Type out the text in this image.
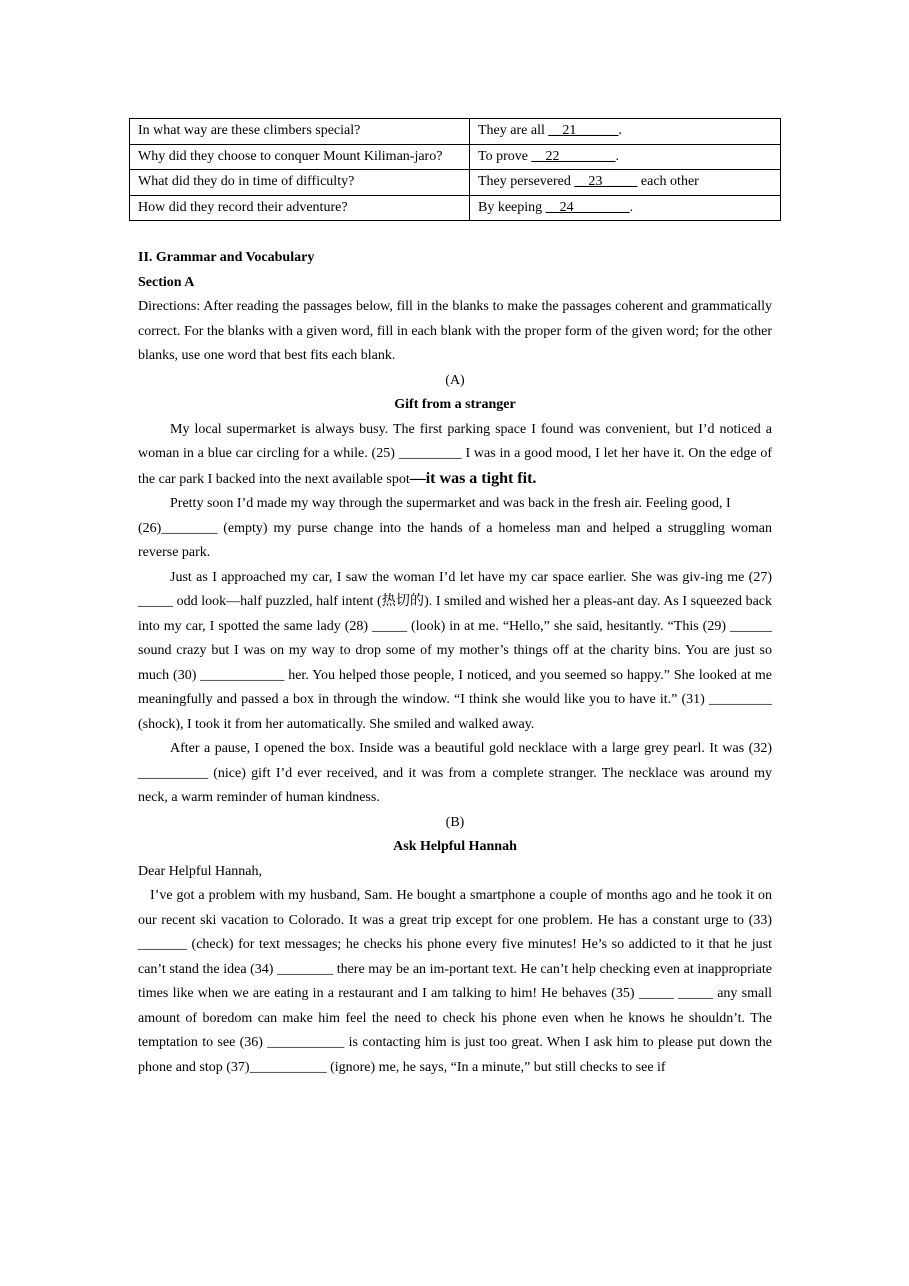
In what way are these climbers special?	They are all __21______.
Why did they choose to conquer Mount Kiliman-jaro?	To prove __22________.
What did they do in time of difficulty?	They persevered __23_____ each other
How did they record their adventure?	By keeping __24________.

II. Grammar and Vocabulary

Section A

Directions: After reading the passages below, fill in the blanks to make the passages coherent and grammatically correct. For the blanks with a given word, fill in each blank with the proper form of the given word; for the other blanks, use one word that best fits each blank.

(A)

Gift from a stranger

My local supermarket is always busy. The first parking space I found was convenient, but I’d noticed a woman in a blue car circling for a while. (25) _________ I was in a good mood, I let her have it. On the edge of the car park I backed into the next available spot—it was a tight fit.

Pretty soon I’d made my way through the supermarket and was back in the fresh air. Feeling good, I

(26)________ (empty) my purse change into the hands of a homeless man and helped a struggling woman reverse park.

Just as I approached my car, I saw the woman I’d let have my car space earlier. She was giv-ing me (27) _____ odd look—half puzzled, half intent (热切的). I smiled and wished her a pleas-ant day. As I squeezed back into my car, I spotted the same lady (28) _____ (look) in at me. “Hello,” she said, hesitantly. “This (29) ______ sound crazy but I was on my way to drop some of my mother’s things off at the charity bins. You are just so much (30) ____________ her. You helped those people, I noticed, and you seemed so happy.” She looked at me meaningfully and passed a box in through the window. “I think she would like you to have it.” (31) _________ (shock), I took it from her automatically. She smiled and walked away.

After a pause, I opened the box. Inside was a beautiful gold necklace with a large grey pearl. It was (32) __________ (nice) gift I’d ever received, and it was from a complete stranger. The necklace was around my neck, a warm reminder of human kindness.

(B)

Ask Helpful Hannah

Dear Helpful Hannah,

I’ve got a problem with my husband, Sam. He bought a smartphone a couple of months ago and he took it on our recent ski vacation to Colorado. It was a great trip except for one problem. He has a constant urge to (33) _______ (check) for text messages; he checks his phone every five minutes! He’s so addicted to it that he just can’t stand the idea (34) ________ there may be an im-portant text. He can’t help checking even at inappropriate times like when we are eating in a restaurant and I am talking to him! He behaves (35) _____ _____ any small amount of boredom can make him feel the need to check his phone even when he knows he shouldn’t. The temptation to see (36) ___________ is contacting him is just too great. When I ask him to please put down the phone and stop (37)___________ (ignore) me, he says, “In a minute,” but still checks to see if
